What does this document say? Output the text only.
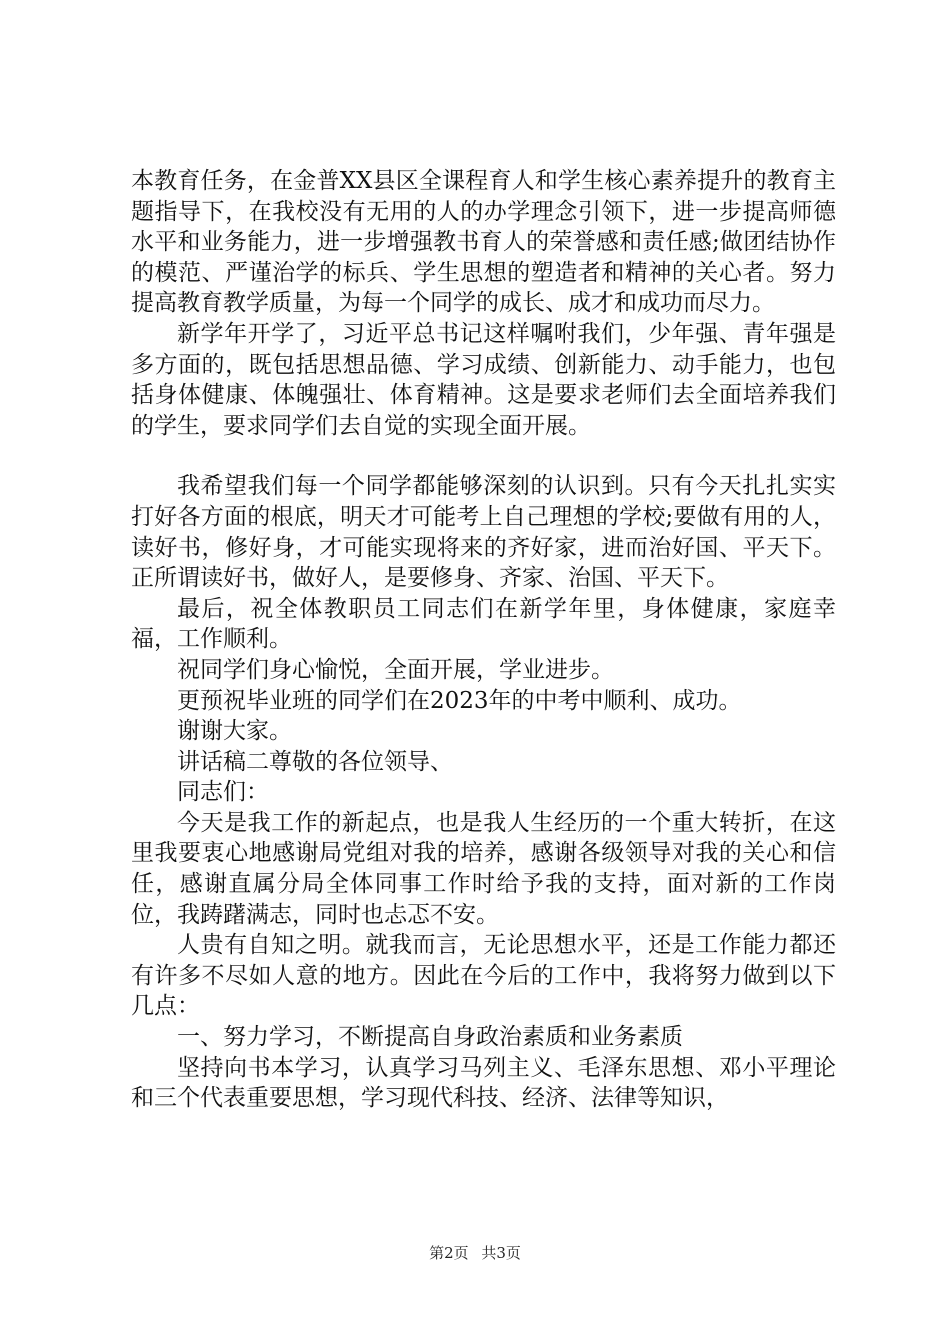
本教育任务，在金普XX县区全课程育人和学生核心素养提升的教育主题指导下，在我校没有无用的人的办学理念引领下，进一步提高师德水平和业务能力，进一步增强教书育人的荣誉感和责任感;做团结协作的模范、严谨治学的标兵、学生思想的塑造者和精神的关心者。努力提高教育教学质量，为每一个同学的成长、成才和成功而尽力。

新学年开学了，习近平总书记这样嘱咐我们，少年强、青年强是多方面的，既包括思想品德、学习成绩、创新能力、动手能力，也包括身体健康、体魄强壮、体育精神。这是要求老师们去全面培养我们的学生，要求同学们去自觉的实现全面开展。

我希望我们每一个同学都能够深刻的认识到。只有今天扎扎实实打好各方面的根底，明天才可能考上自己理想的学校;要做有用的人，读好书，修好身，才可能实现将来的齐好家，进而治好国、平天下。正所谓读好书，做好人，是要修身、齐家、治国、平天下。

最后，祝全体教职员工同志们在新学年里，身体健康，家庭幸福，工作顺利。

祝同学们身心愉悦，全面开展，学业进步。

更预祝毕业班的同学们在2023年的中考中顺利、成功。

谢谢大家。

讲话稿二尊敬的各位领导、

同志们：

今天是我工作的新起点，也是我人生经历的一个重大转折，在这里我要衷心地感谢局党组对我的培养，感谢各级领导对我的关心和信任，感谢直属分局全体同事工作时给予我的支持，面对新的工作岗位，我踌躇满志，同时也忐忑不安。

人贵有自知之明。就我而言，无论思想水平，还是工作能力都还有许多不尽如人意的地方。因此在今后的工作中，我将努力做到以下几点：

一、努力学习，不断提高自身政治素质和业务素质

坚持向书本学习，认真学习马列主义、毛泽东思想、邓小平理论和三个代表重要思想，学习现代科技、经济、法律等知识，

第2页 共3页
